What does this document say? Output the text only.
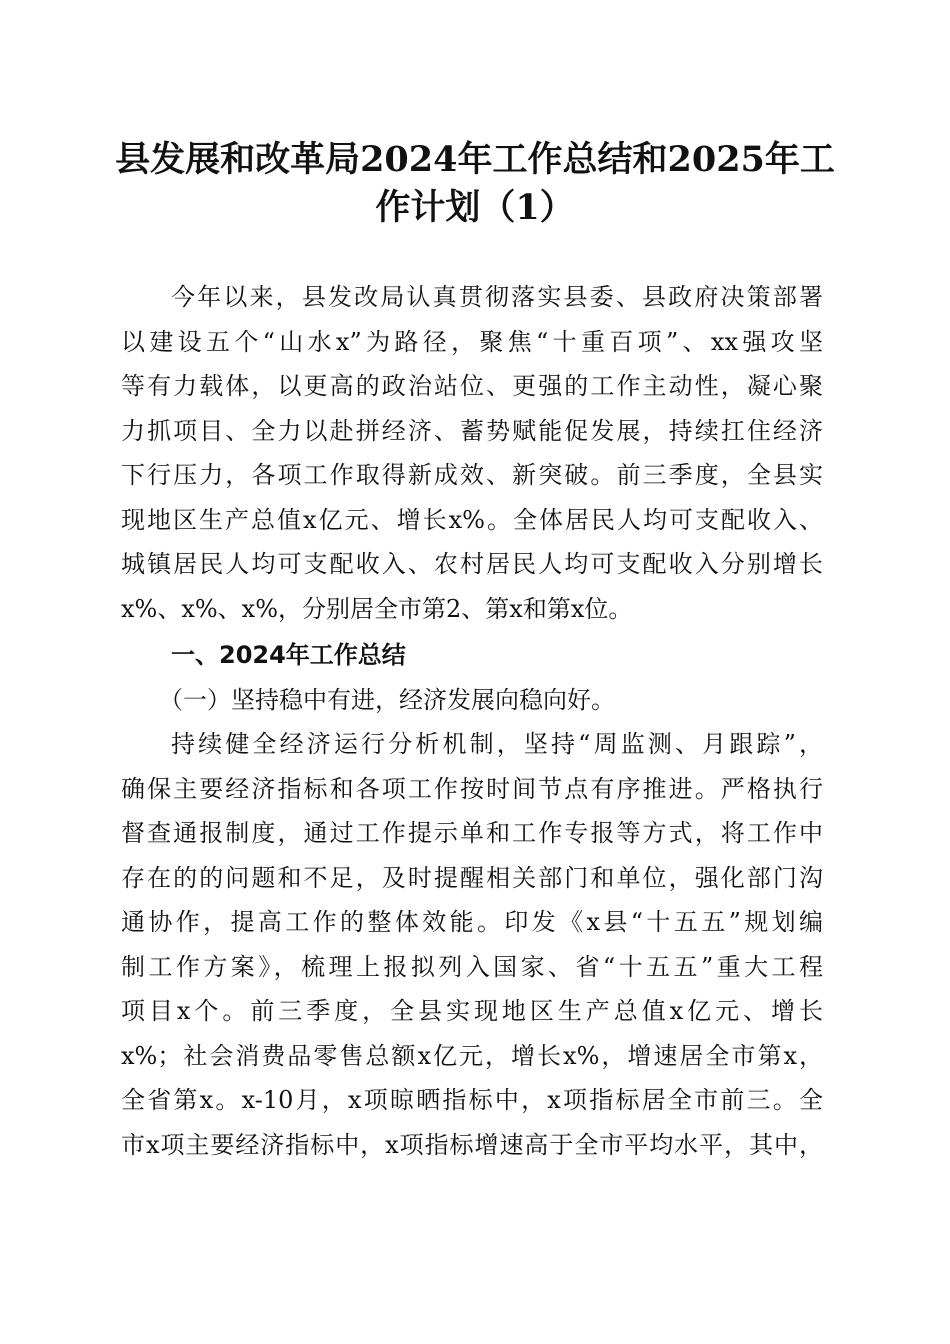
县发展和改革局2024年工作总结和2025年工
作计划（1）
今年以来，县发改局认真贯彻落实县委、县政府决策部署
以建设五个“山水x”为路径，聚焦“十重百项”、xx强攻坚
等有力载体，以更高的政治站位、更强的工作主动性，凝心聚
力抓项目、全力以赴拼经济、蓄势赋能促发展，持续扛住经济
下行压力，各项工作取得新成效、新突破。前三季度，全县实
现地区生产总值x亿元、增长x%。全体居民人均可支配收入、
城镇居民人均可支配收入、农村居民人均可支配收入分别增长
x%、x%、x%，分别居全市第2、第x和第x位。
一、2024年工作总结
（一）坚持稳中有进，经济发展向稳向好。
持续健全经济运行分析机制，坚持“周监测、月跟踪”，
确保主要经济指标和各项工作按时间节点有序推进。严格执行
督查通报制度，通过工作提示单和工作专报等方式，将工作中
存在的的问题和不足，及时提醒相关部门和单位，强化部门沟
通协作，提高工作的整体效能。印发《x县“十五五”规划编
制工作方案》，梳理上报拟列入国家、省“十五五”重大工程
项目x个。前三季度，全县实现地区生产总值x亿元、增长
x%；社会消费品零售总额x亿元，增长x%，增速居全市第x，
全省第x。x-10月，x项晾晒指标中，x项指标居全市前三。全
市x项主要经济指标中，x项指标增速高于全市平均水平，其中，
